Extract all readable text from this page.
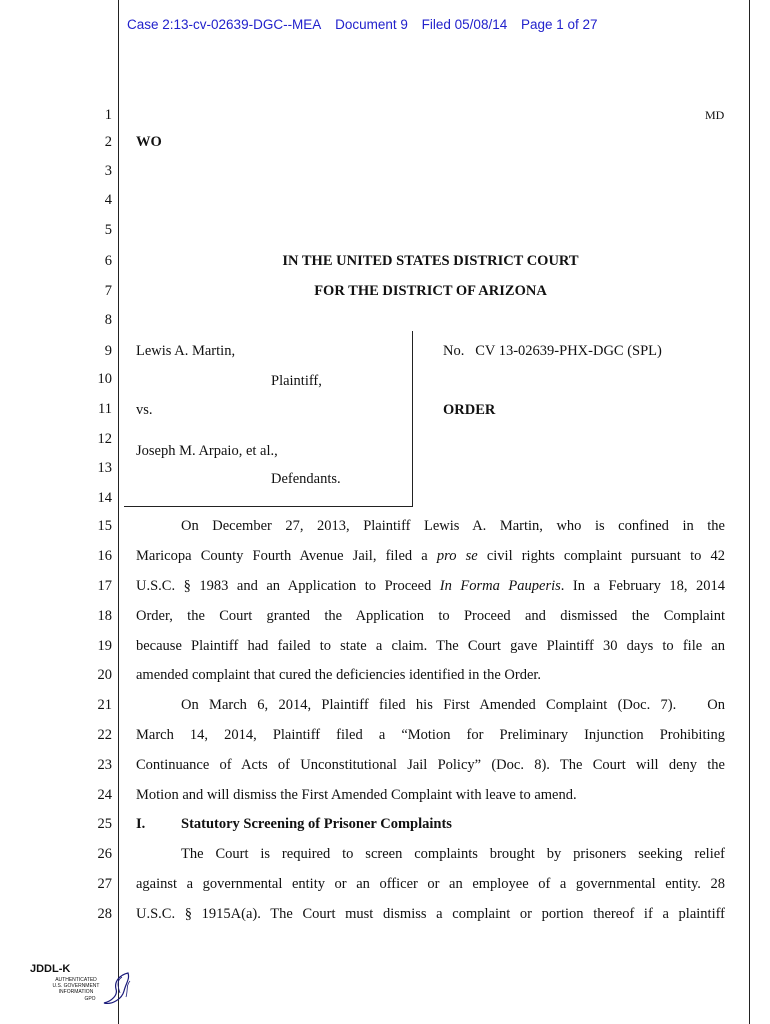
Case 2:13-cv-02639-DGC--MEA Document 9 Filed 05/08/14 Page 1 of 27
1
2
3
4
5
6
7
8
9
10
11
12
13
14
15
16
17
18
19
20
21
22
23
24
25
26
27
28
MD
WO
IN THE UNITED STATES DISTRICT COURT
FOR THE DISTRICT OF ARIZONA
Lewis A. Martin,
Plaintiff,
vs.
Joseph M. Arpaio, et al.,
Defendants.
No.   CV 13-02639-PHX-DGC (SPL)
ORDER
On December 27, 2013, Plaintiff Lewis A. Martin, who is confined in the
Maricopa County Fourth Avenue Jail, filed a pro se civil rights complaint pursuant to 42
U.S.C. § 1983 and an Application to Proceed In Forma Pauperis. In a February 18, 2014
Order, the Court granted the Application to Proceed and dismissed the Complaint
because Plaintiff had failed to state a claim. The Court gave Plaintiff 30 days to file an
amended complaint that cured the deficiencies identified in the Order.
On March 6, 2014, Plaintiff filed his First Amended Complaint (Doc. 7).   On
March 14, 2014, Plaintiff filed a “Motion for Preliminary Injunction Prohibiting
Continuance of Acts of Unconstitutional Jail Policy” (Doc. 8). The Court will deny the
Motion and will dismiss the First Amended Complaint with leave to amend.
I. Statutory Screening of Prisoner Complaints
The Court is required to screen complaints brought by prisoners seeking relief
against a governmental entity or an officer or an employee of a governmental entity. 28
U.S.C. § 1915A(a). The Court must dismiss a complaint or portion thereof if a plaintiff
JDDL-K
AUTHENTICATED
U.S. GOVERNMENT
INFORMATION
GPO
